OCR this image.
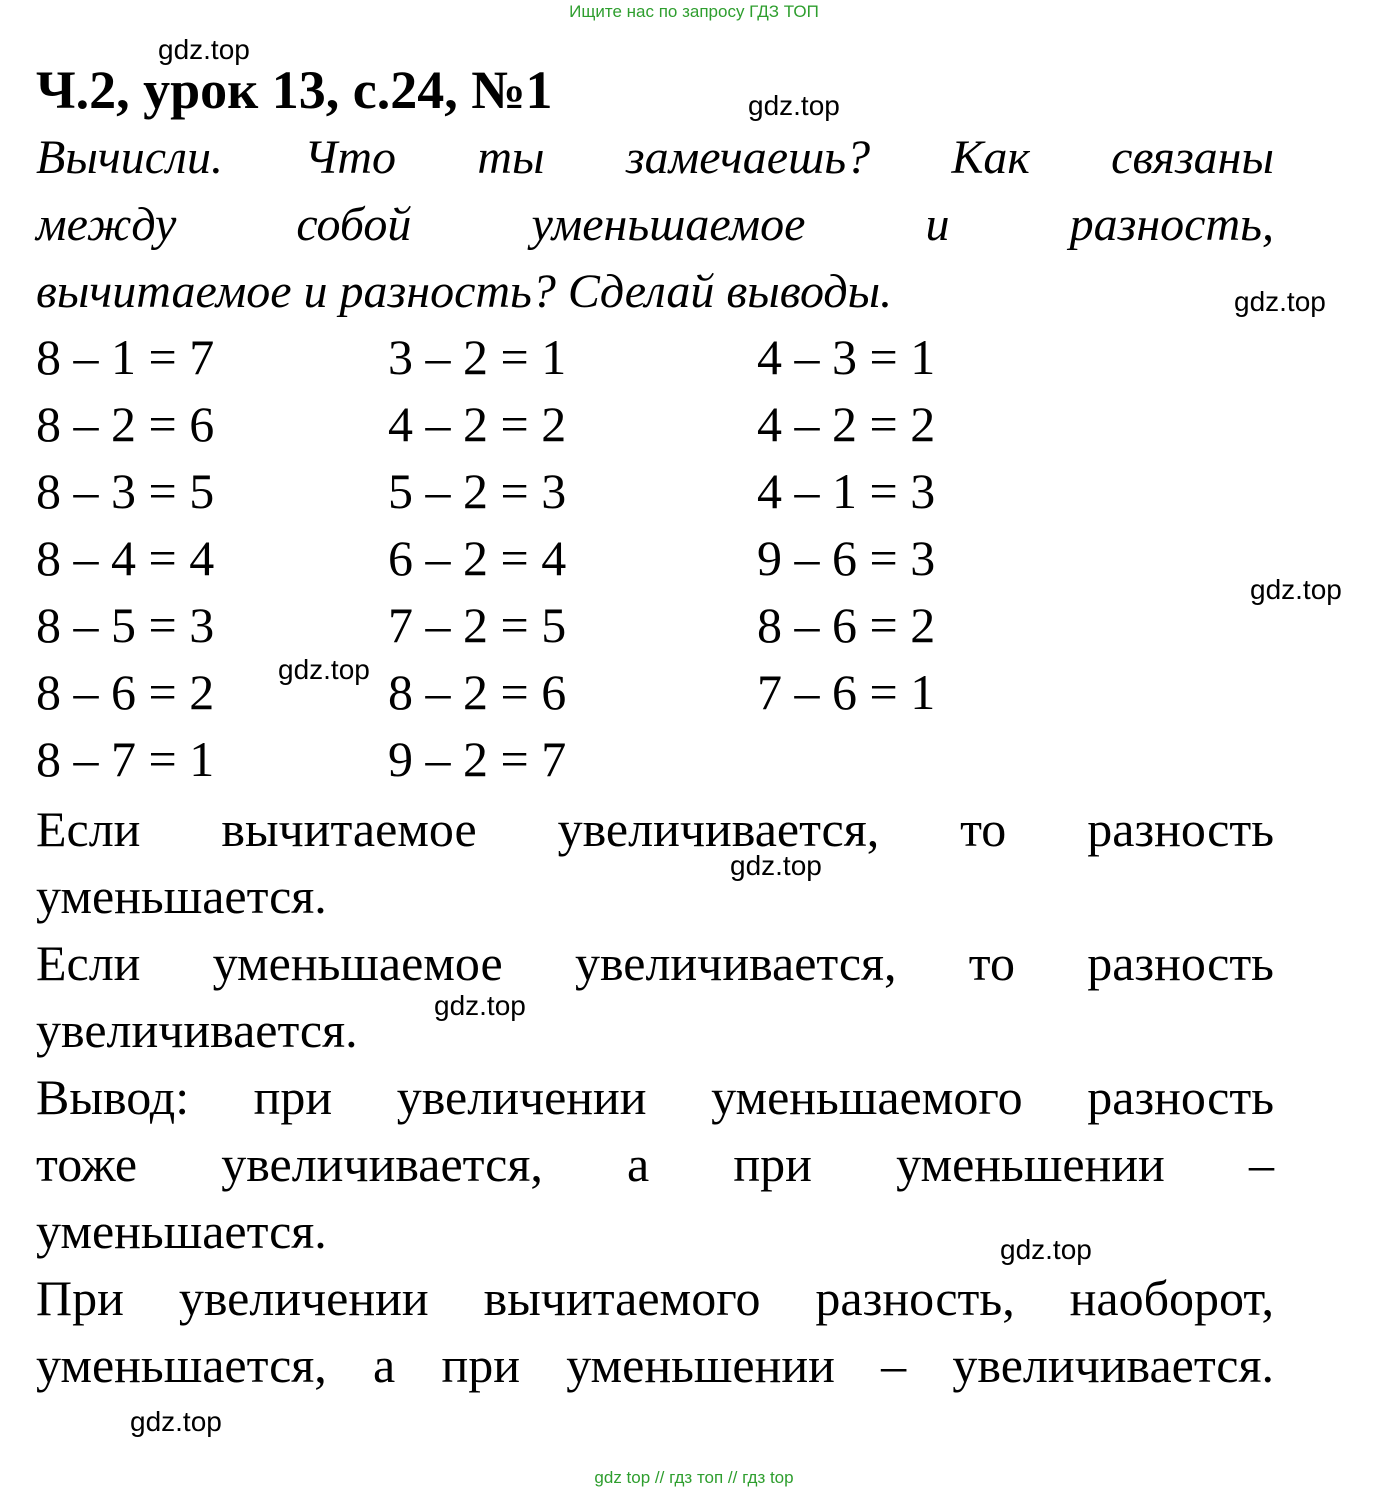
Ищите нас по запросу ГДЗ ТОП
Ч.2, урок 13, с.24, №1
Вычисли. Что ты замечаешь? Как связаны
между собой уменьшаемое и разность,
вычитаемое и разность? Сделай выводы.
8 – 1 = 7
8 – 2 = 6
8 – 3 = 5
8 – 4 = 4
8 – 5 = 3
8 – 6 = 2
8 – 7 = 1
3 – 2 = 1
4 – 2 = 2
5 – 2 = 3
6 – 2 = 4
7 – 2 = 5
8 – 2 = 6
9 – 2 = 7
4 – 3 = 1
4 – 2 = 2
4 – 1 = 3
9 – 6 = 3
8 – 6 = 2
7 – 6 = 1
Если вычитаемое увеличивается, то разность
уменьшается.
Если уменьшаемое увеличивается, то разность
увеличивается.
Вывод: при увеличении уменьшаемого разность
тоже увеличивается, а при уменьшении –
уменьшается.
При увеличении вычитаемого разность, наоборот,
уменьшается, а при уменьшении – увеличивается.
gdz.top
gdz.top
gdz.top
gdz.top
gdz.top
gdz.top
gdz.top
gdz.top
gdz.top
gdz top // гдз топ // гдз top
